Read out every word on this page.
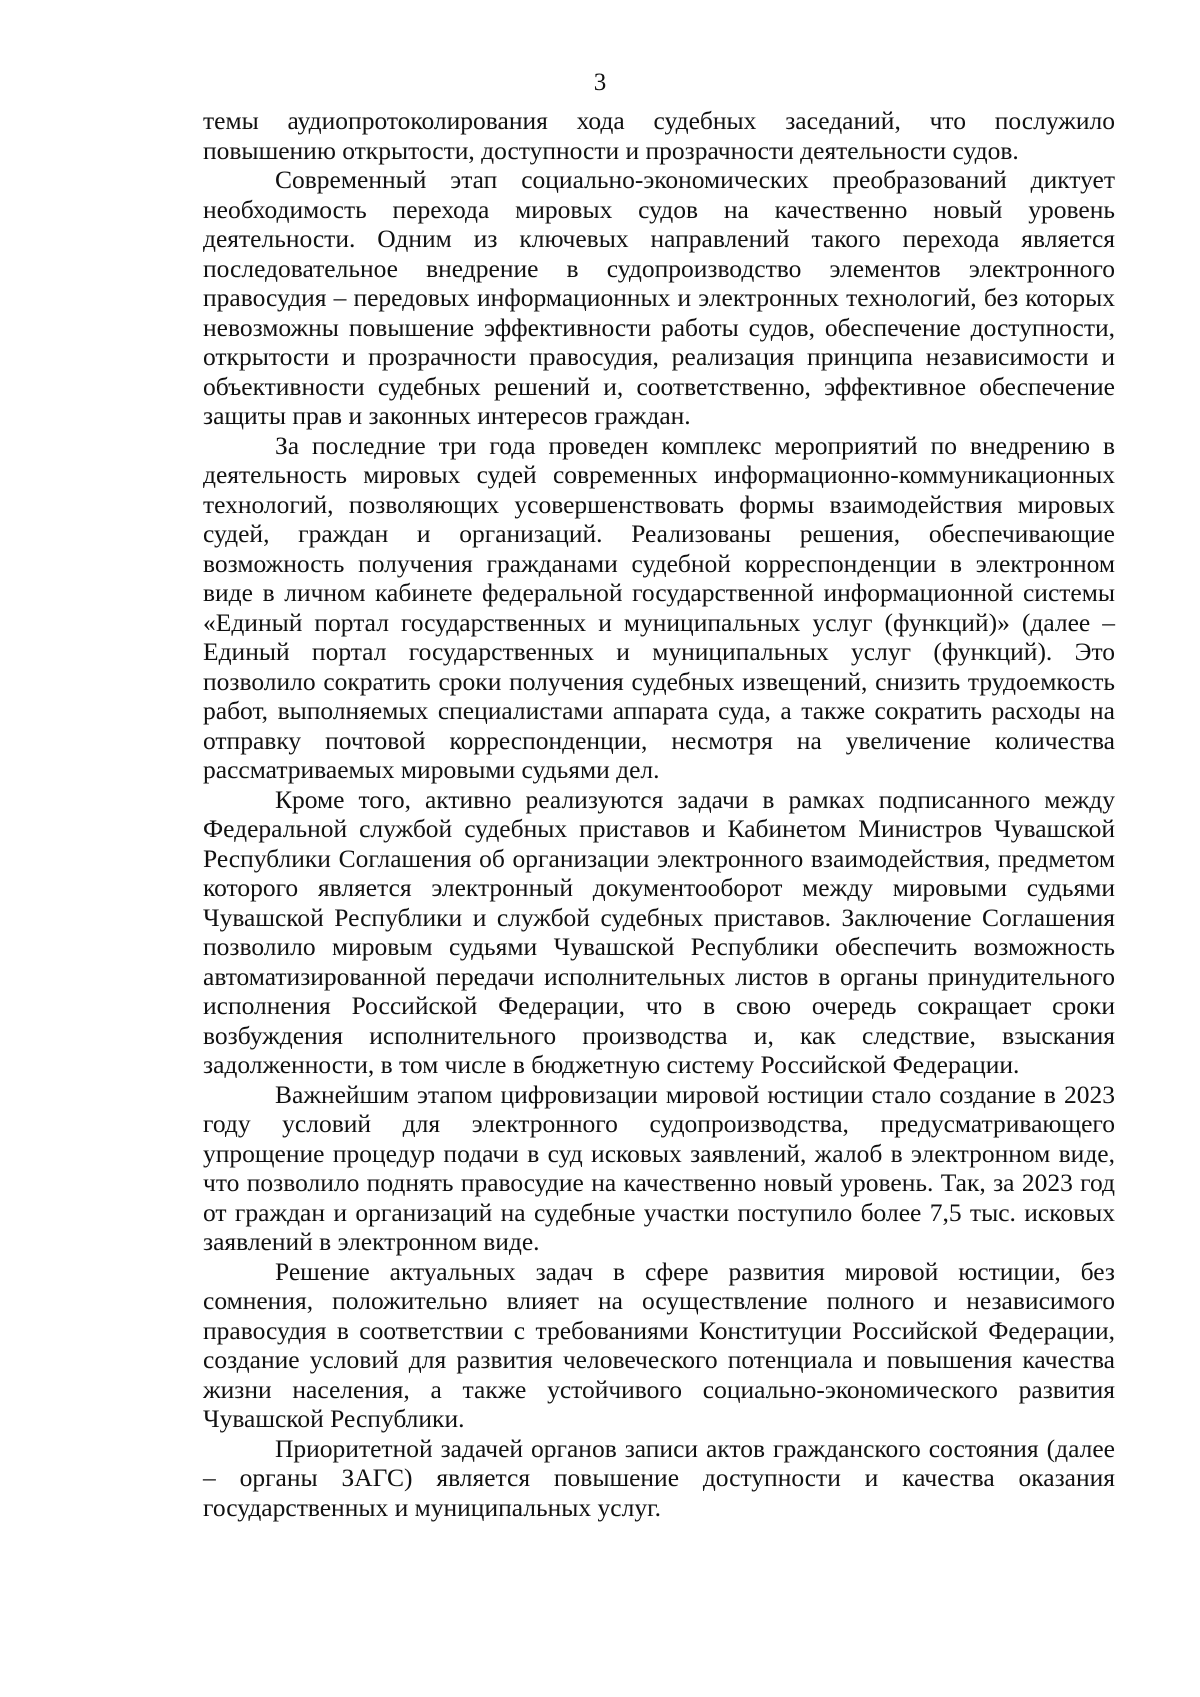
3

темы аудиопротоколирования хода судебных заседаний, что послужило повышению открытости, доступности и прозрачности деятельности судов.

Современный этап социально-экономических преобразований диктует необходимость перехода мировых судов на качественно новый уровень деятельности. Одним из ключевых направлений такого перехода является последовательное внедрение в судопроизводство элементов электронного правосудия – передовых информационных и электронных технологий, без которых невозможны повышение эффективности работы судов, обеспечение доступности, открытости и прозрачности правосудия, реализация принципа независимости и объективности судебных решений и, соответственно, эффективное обеспечение защиты прав и законных интересов граждан.

За последние три года проведен комплекс мероприятий по внедрению в деятельность мировых судей современных информационно-коммуникационных технологий, позволяющих усовершенствовать формы взаимодействия мировых судей, граждан и организаций. Реализованы решения, обеспечивающие возможность получения гражданами судебной корреспонденции в электронном виде в личном кабинете федеральной государственной информационной системы «Единый портал государственных и муниципальных услуг (функций)» (далее – Единый портал государственных и муниципальных услуг (функций). Это позволило сократить сроки получения судебных извещений, снизить трудоемкость работ, выполняемых специалистами аппарата суда, а также сократить расходы на отправку почтовой корреспонденции, несмотря на увеличение количества рассматриваемых мировыми судьями дел.

Кроме того, активно реализуются задачи в рамках подписанного между Федеральной службой судебных приставов и Кабинетом Министров Чувашской Республики Соглашения об организации электронного взаимодействия, предметом которого является электронный документооборот между мировыми судьями Чувашской Республики и службой судебных приставов. Заключение Соглашения позволило мировым судьями Чувашской Республики обеспечить возможность автоматизированной передачи исполнительных листов в органы принудительного исполнения Российской Федерации, что в свою очередь сокращает сроки возбуждения исполнительного производства и, как следствие, взыскания задолженности, в том числе в бюджетную систему Российской Федерации.

Важнейшим этапом цифровизации мировой юстиции стало создание в 2023 году условий для электронного судопроизводства, предусматривающего упрощение процедур подачи в суд исковых заявлений, жалоб в электронном виде, что позволило поднять правосудие на качественно новый уровень. Так, за 2023 год от граждан и организаций на судебные участки поступило более 7,5 тыс. исковых заявлений в электронном виде.

Решение актуальных задач в сфере развития мировой юстиции, без сомнения, положительно влияет на осуществление полного и независимого правосудия в соответствии с требованиями Конституции Российской Федерации, создание условий для развития человеческого потенциала и повышения качества жизни населения, а также устойчивого социально-экономического развития Чувашской Республики.

Приоритетной задачей органов записи актов гражданского состояния (далее – органы ЗАГС) является повышение доступности и качества оказания государственных и муниципальных услуг.
